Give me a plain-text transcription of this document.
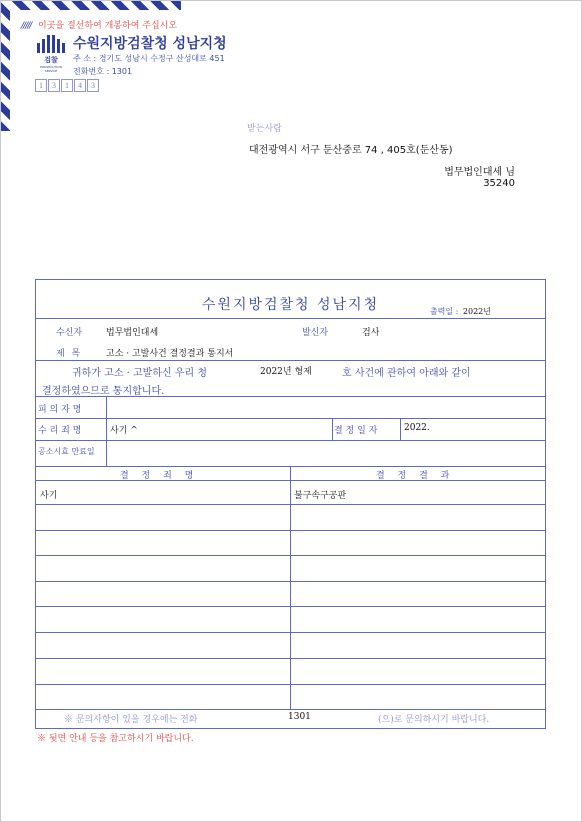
///// 이곳을 절선하여 개봉하여 주십시오
검찰
PROSECUTION SERVICE
수원지방검찰청 성남지청
주 소 : 경기도 성남시 수정구 산성대로 451
전화번호 : 1301
1	3	1	4	3
받는사람
대전광역시 서구 둔산중로 74 , 405호(둔산동)
법무법인대세 님
35240
수원지방검찰청 성남지청	출력일 : 2022년
수신자	법무법인대세	발신자	검사
제 목	고소 · 고발사건 결정결과 통지서
귀하가 고소 · 고발하신 우리 청	2022년 형제	호 사건에 관하여 아래와 같이
결정하였으므로 통지합니다.
피 의 자 명
수 리 죄 명	사기 ^	결 정 일 자	2022.
공소시효 만료일
결 정 죄 명	결 정 결 과
사기	불구속구공판
※ 문의사항이 있을 경우에는 전화	1301	(으)로 문의하시기 바랍니다.
※ 뒷면 안내 등을 참고하시기 바랍니다.
